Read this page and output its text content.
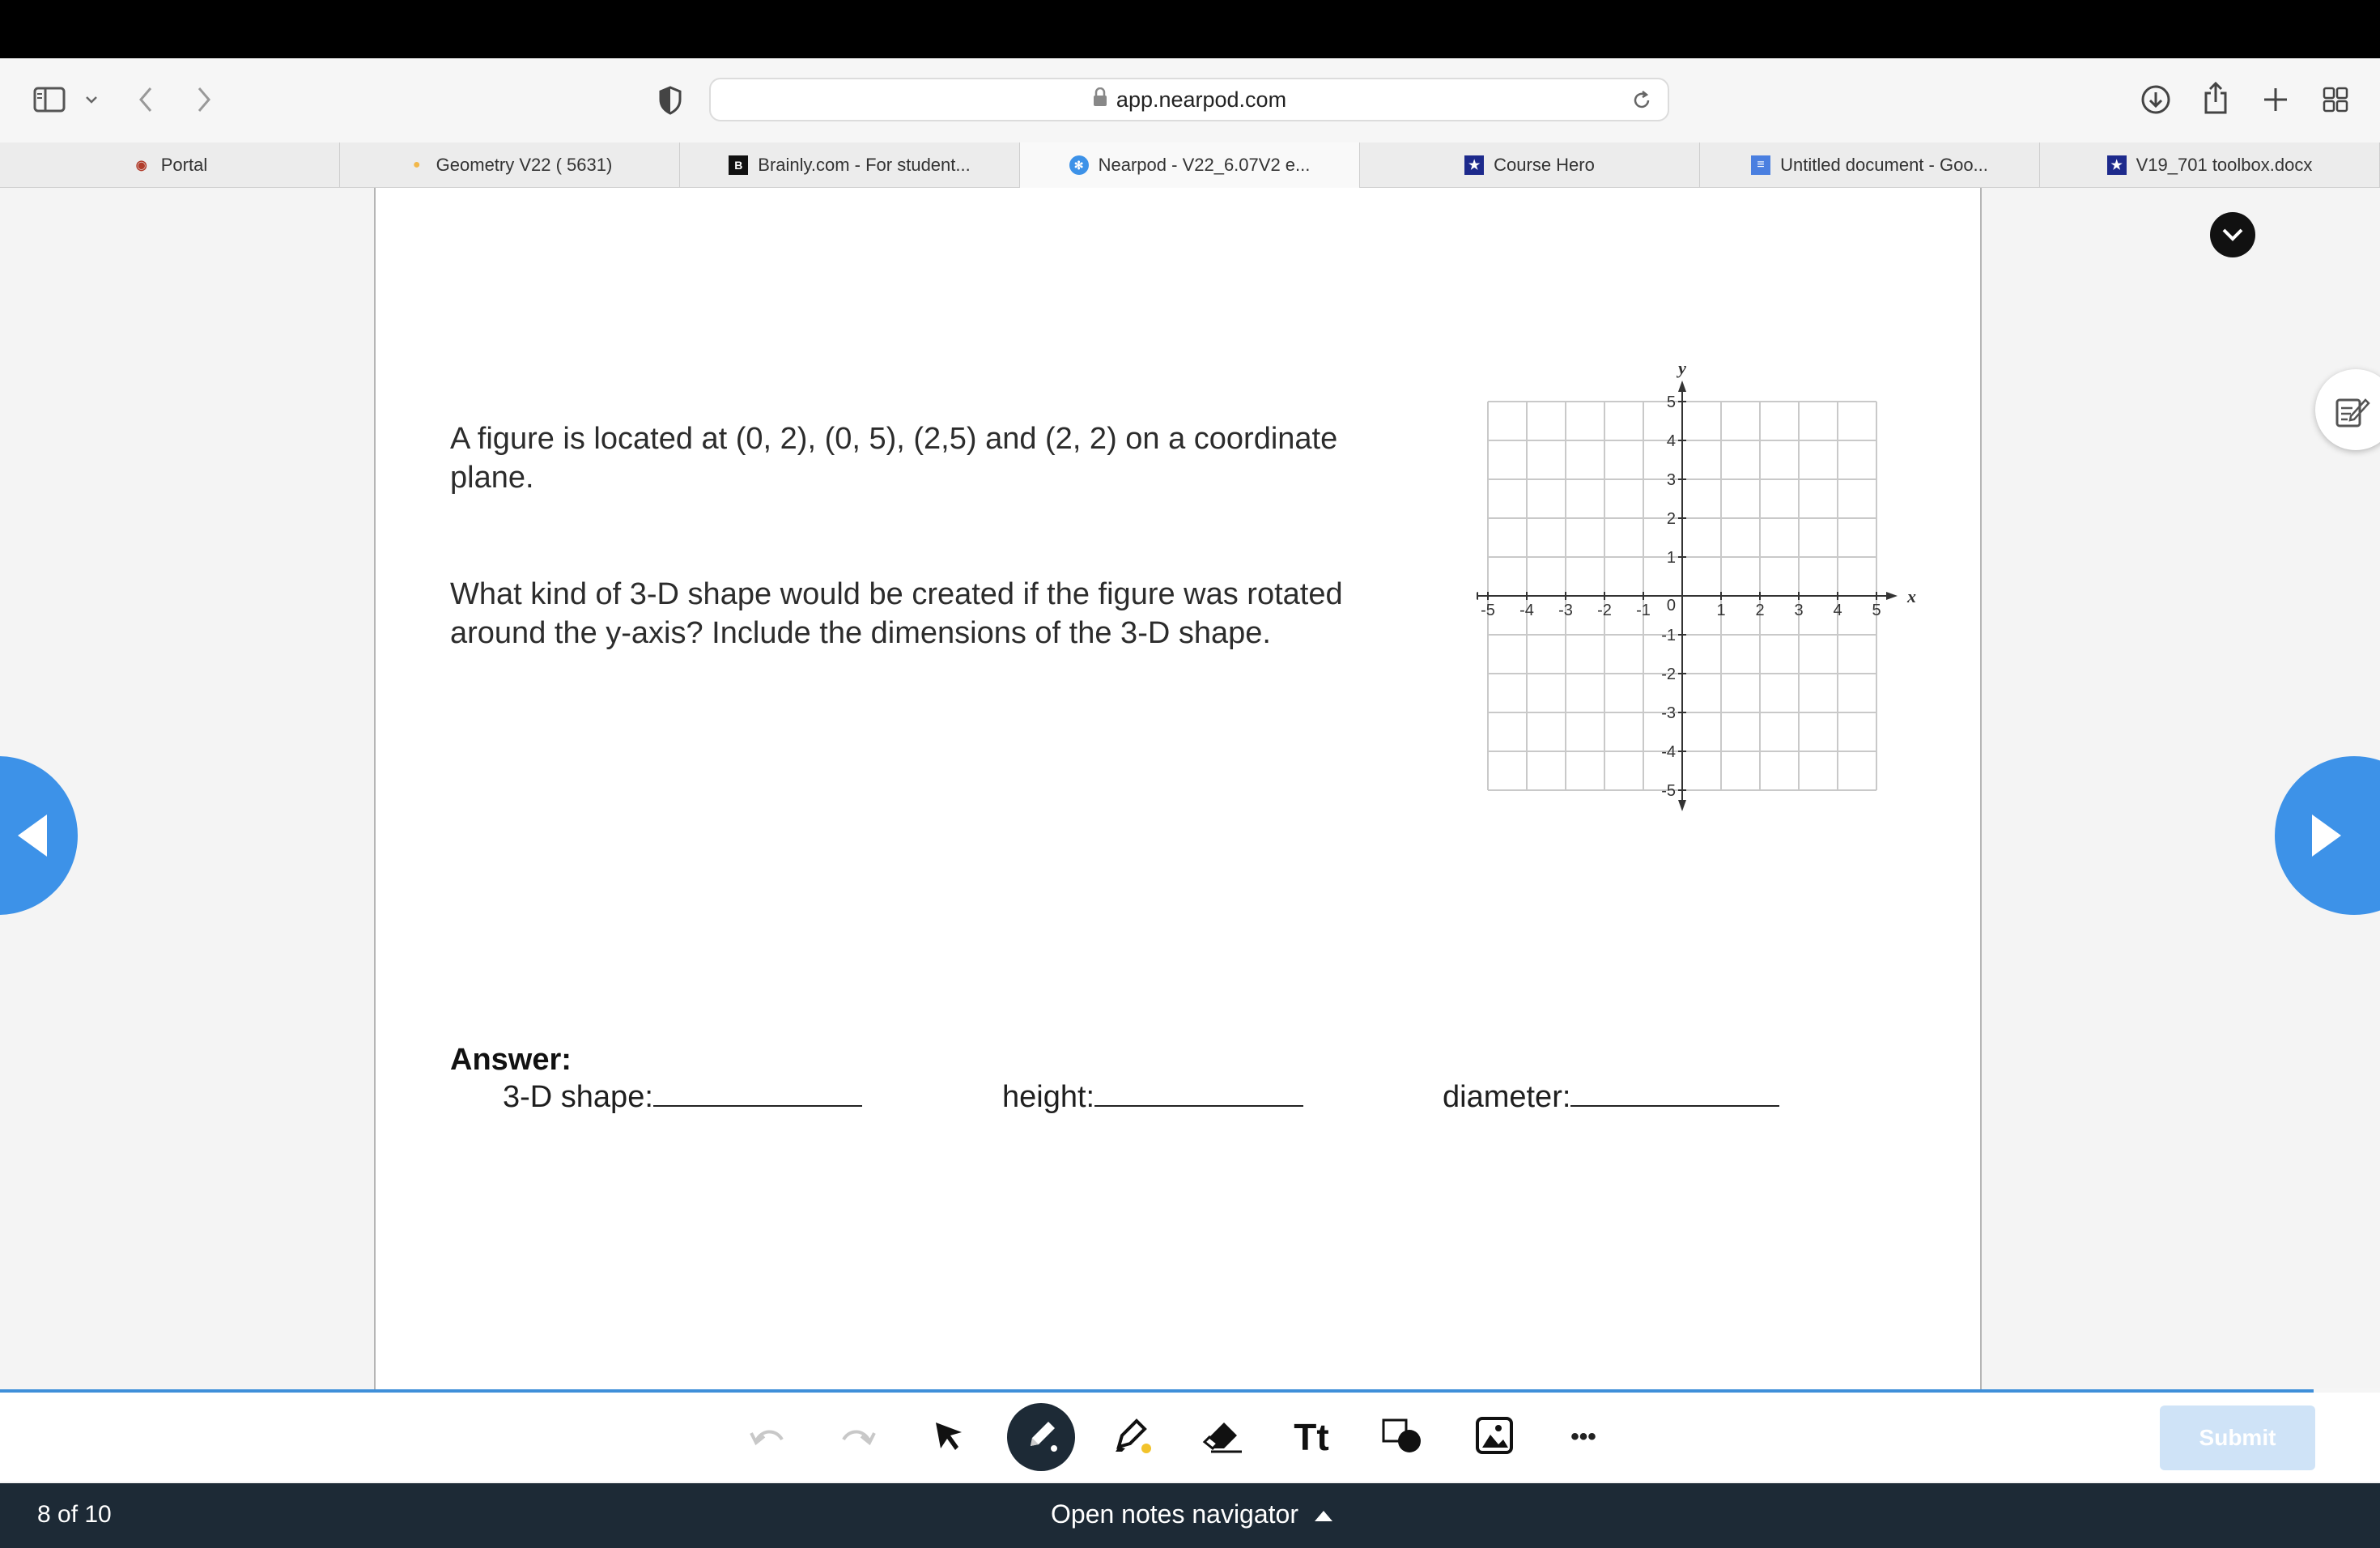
app.nearpod.com
◉ Portal	● Geometry V22 ( 5631)	B Brainly.com - For student...	✻ Nearpod - V22_6.07V2 e...	★ Course Hero	≡ Untitled document - Goo...	★ V19_701 toolbox.docx
A figure is located at (0, 2), (0, 5), (2,5) and (2, 2) on a coordinate plane.
What kind of 3-D shape would be created if the figure was rotated around the y-axis? Include the dimensions of the 3-D shape.
-5 -4 -3 -2 -1	1 2 3 4 5
5
4
3
2
1
-1
-2
-3
-4
-5
0	x
y
Answer:
3-D shape:	height:	diameter:
Tt	•••	Submit
8 of 10	Open notes navigator
